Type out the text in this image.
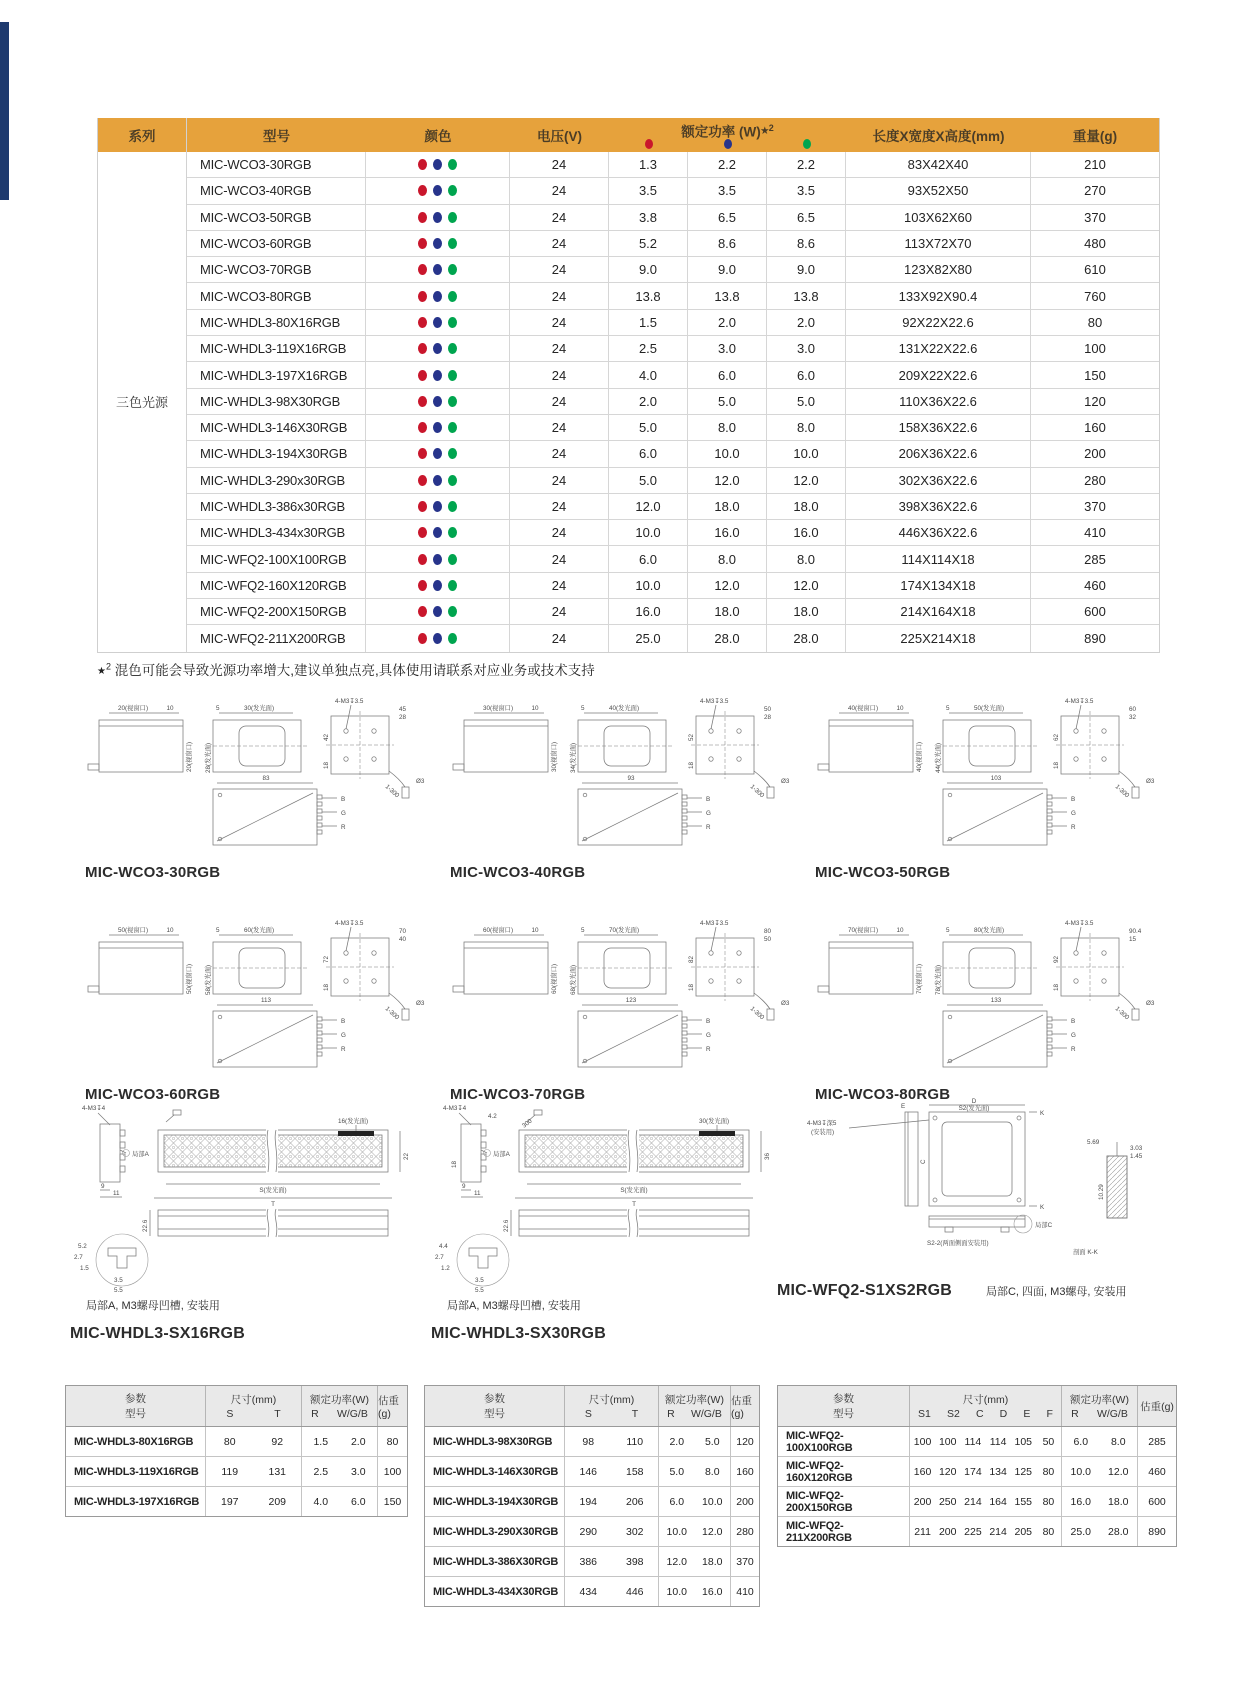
系列
三色光源
型号	颜色	电压(V)	额定功率 $(W)^{★2}$
长度X宽度X高度(mm)	重量(g)
MIC-WCO3-30RGB	24	1.3	2.2	2.2	83X42X40	210
MIC-WCO3-40RGB	24	3.5	3.5	3.5	93X52X50	270
MIC-WCO3-50RGB	24	3.8	6.5	6.5	103X62X60	370
MIC-WCO3-60RGB	24	5.2	8.6	8.6	113X72X70	480
MIC-WCO3-70RGB	24	9.0	9.0	9.0	123X82X80	610
MIC-WCO3-80RGB	24	13.8	13.8	13.8	133X92X90.4	760
MIC-WHDL3-80X16RGB	24	1.5	2.0	2.0	92X22X22.6	80
MIC-WHDL3-119X16RGB	24	2.5	3.0	3.0	131X22X22.6	100
MIC-WHDL3-197X16RGB	24	4.0	6.0	6.0	209X22X22.6	150
MIC-WHDL3-98X30RGB	24	2.0	5.0	5.0	110X36X22.6	120
MIC-WHDL3-146X30RGB	24	5.0	8.0	8.0	158X36X22.6	160
MIC-WHDL3-194X30RGB	24	6.0	10.0	10.0	206X36X22.6	200
MIC-WHDL3-290x30RGB	24	5.0	12.0	12.0	302X36X22.6	280
MIC-WHDL3-386x30RGB	24	12.0	18.0	18.0	398X36X22.6	370
MIC-WHDL3-434x30RGB	24	10.0	16.0	16.0	446X36X22.6	410
MIC-WFQ2-100X100RGB	24	6.0	8.0	8.0	114X114X18	285
MIC-WFQ2-160X120RGB	24	10.0	12.0	12.0	174X134X18	460
MIC-WFQ2-200X150RGB	24	16.0	18.0	18.0	214X164X18	600
MIC-WFQ2-211X200RGB	24	25.0	28.0	28.0	225X214X18	890
★$^2$ 混色可能会导致光源功率增大,建议单独点亮,具体使用请联系对应业务或技术支持
20(视窗口)	10
20(视窗口)
5	30(发光面)
28(发光面)
4-M3↧3.5
45
28
42
18
1-300
Ø3
83
B
G
R
MIC-WCO3-30RGB
30(视窗口)	10
30(视窗口)
5	40(发光面)
34(发光面)
4-M3↧3.5
50
28
52
18
1-300
Ø3
93
B
G
R
MIC-WCO3-40RGB
40(视窗口)	10
40(视窗口)
5	50(发光面)
44(发光面)
4-M3↧3.5
60
32
62
18
1-300
Ø3
103
B
G
R
MIC-WCO3-50RGB
50(视窗口)	10
50(视窗口)
5	60(发光面)
58(发光面)
4-M3↧3.5
70
40
72
18
1-300
Ø3
113
B
G
R
MIC-WCO3-60RGB
60(视窗口)	10
60(视窗口)
5	70(发光面)
68(发光面)
4-M3↧3.5
80
50
82
18
1-300
Ø3
123
B
G
R
MIC-WCO3-70RGB
70(视窗口)	10
70(视窗口)
5	80(发光面)
78(发光面)
4-M3↧3.5
90.4
15
92
18
1-300
Ø3
133
B
G
R
MIC-WCO3-80RGB
4-M3↧4
9
11
局部A
16(发光面)
22
S(发光面)
T
22.6
5.2
2.7
1.5
3.5
5.5
局部A, M3螺母凹槽, 安装用
MIC-WHDL3-SX16RGB
4-M3↧4
4.2
18
9
11
局部A
300	30(发光面)
36
S(发光面)
T
22.6
4.4
2.7
1.2
3.5
5.5
局部A, M3螺母凹槽, 安装用
MIC-WHDL3-SX30RGB
4-M3↧深5
(安装用)
E
D
S2(发光面)
C
K
K
S2-2(两面侧面安装用)
局部C
剖面 K-K
5.69
3.03
1.45
10.29
MIC-WFQ2-S1XS2RGB	局部C, 四面, M3螺母, 安装用
参数
型号
尺寸(mm)
S	T
额定功率(W)
R W/G/B
估重(g)
MIC-WHDL3-80X16RGB	80	92	1.5	2.0	80
MIC-WHDL3-119X16RGB	119	131	2.5	3.0	100
MIC-WHDL3-197X16RGB	197	209	4.0	6.0	150
参数
型号
尺寸(mm)
S	T
额定功率(W)
R W/G/B
估重(g)
MIC-WHDL3-98X30RGB	98	110	2.0	5.0	120
MIC-WHDL3-146X30RGB	146	158	5.0	8.0	160
MIC-WHDL3-194X30RGB	194	206	6.0	10.0	200
MIC-WHDL3-290X30RGB	290	302	10.0	12.0	280
MIC-WHDL3-386X30RGB	386	398	12.0	18.0	370
MIC-WHDL3-434X30RGB	434	446	10.0	16.0	410
参数
型号
尺寸(mm)
S1 S2 C D E F
额定功率(W)
R W/G/B
估重(g)
MIC-WFQ2-100X100RGB	100 100 114 114 105	50	6.0	8.0	285
MIC-WFQ2-160X120RGB	160 120 174 134 125	80	10.0	12.0	460
MIC-WFQ2-200X150RGB	200 250 214 164 155	80	16.0	18.0	600
MIC-WFQ2-211X200RGB	211 200 225 214 205	80	25.0	28.0	890
